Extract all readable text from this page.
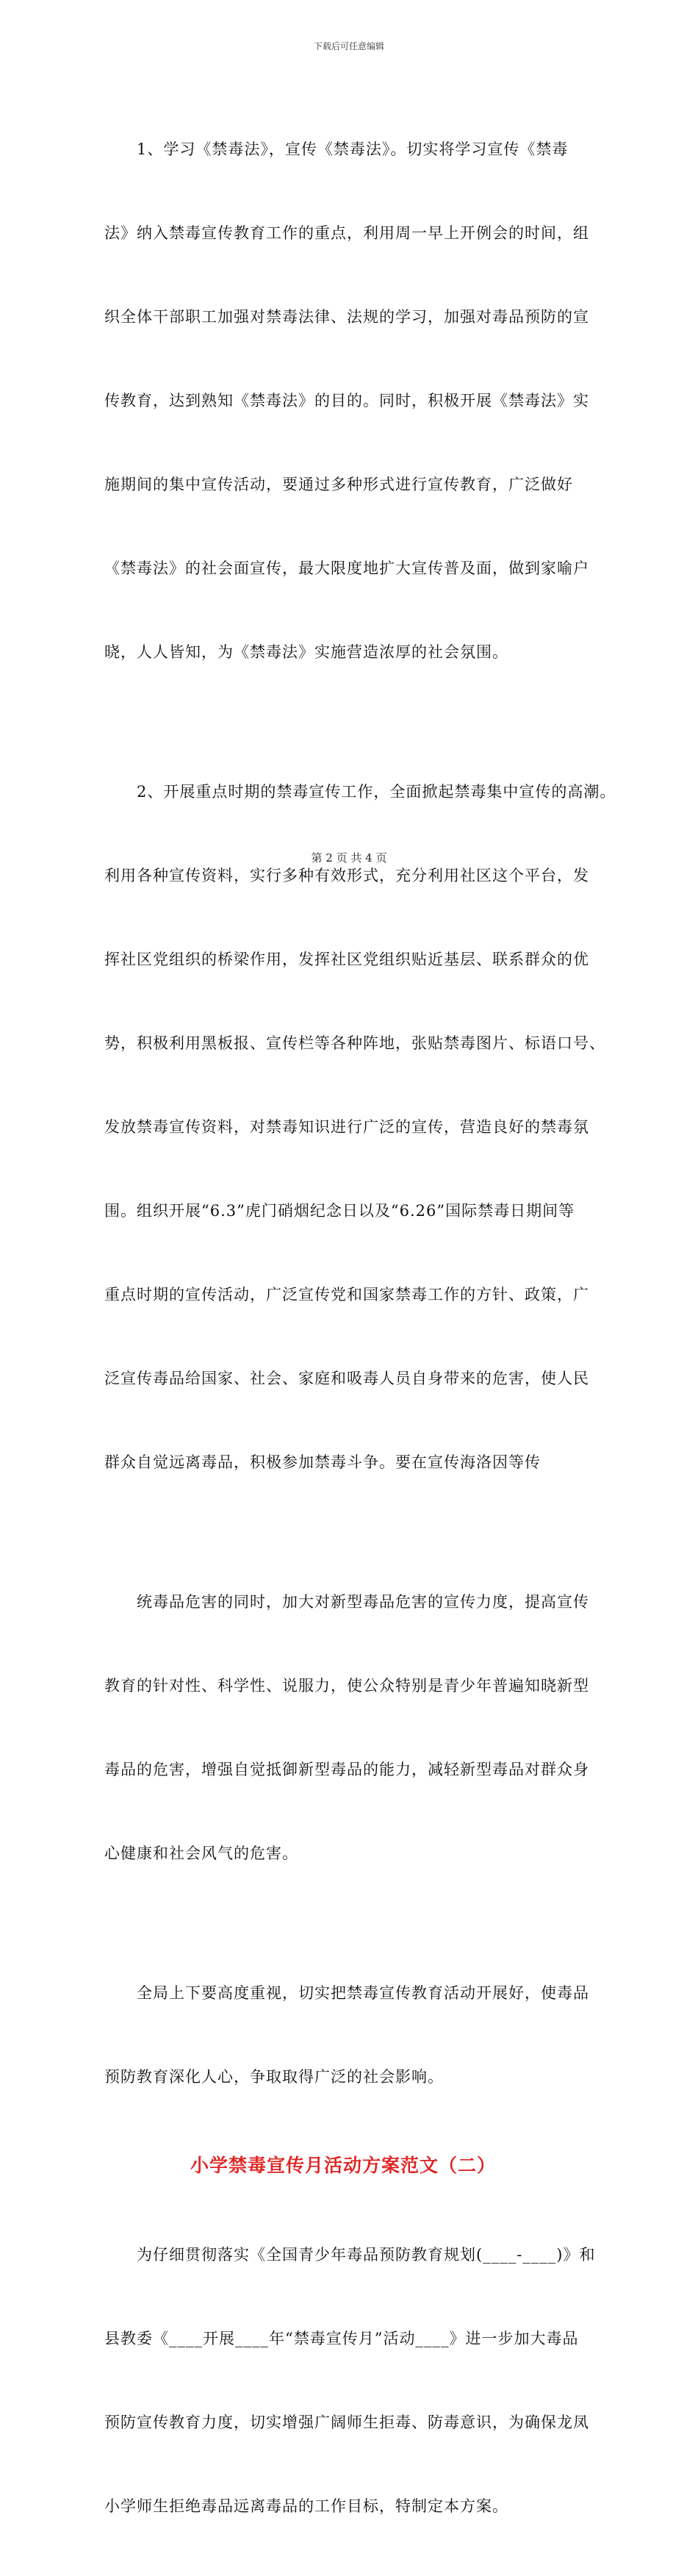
下载后可任意编辑

1、学习《禁毒法》，宣传《禁毒法》。切实将学习宣传《禁毒

法》纳入禁毒宣传教育工作的重点，利用周一早上开例会的时间，组

织全体干部职工加强对禁毒法律、法规的学习，加强对毒品预防的宣

传教育，达到熟知《禁毒法》的目的。同时，积极开展《禁毒法》实

施期间的集中宣传活动，要通过多种形式进行宣传教育，广泛做好

《禁毒法》的社会面宣传，最大限度地扩大宣传普及面，做到家喻户

晓，人人皆知，为《禁毒法》实施营造浓厚的社会氛围。

2、开展重点时期的禁毒宣传工作，全面掀起禁毒集中宣传的高潮。

利用各种宣传资料，实行多种有效形式，充分利用社区这个平台，发

挥社区党组织的桥梁作用，发挥社区党组织贴近基层、联系群众的优

势，积极利用黑板报、宣传栏等各种阵地，张贴禁毒图片、标语口号、

发放禁毒宣传资料，对禁毒知识进行广泛的宣传，营造良好的禁毒氛

围。组织开展“6.3”虎门硝烟纪念日以及“6.26”国际禁毒日期间等

重点时期的宣传活动，广泛宣传党和国家禁毒工作的方针、政策，广

泛宣传毒品给国家、社会、家庭和吸毒人员自身带来的危害，使人民

群众自觉远离毒品，积极参加禁毒斗争。要在宣传海洛因等传

统毒品危害的同时，加大对新型毒品危害的宣传力度，提高宣传

教育的针对性、科学性、说服力，使公众特别是青少年普遍知晓新型

毒品的危害，增强自觉抵御新型毒品的能力，减轻新型毒品对群众身

心健康和社会风气的危害。

全局上下要高度重视，切实把禁毒宣传教育活动开展好，使毒品

预防教育深化人心，争取取得广泛的社会影响。

小学禁毒宣传月活动方案范文（二）

为仔细贯彻落实《全国青少年毒品预防教育规划(____-____)》和

县教委《____开展____年“禁毒宣传月”活动____》进一步加大毒品

预防宣传教育力度，切实增强广阔师生拒毒、防毒意识，为确保龙凤

小学师生拒绝毒品远离毒品的工作目标，特制定本方案。

第 2 页 共 4 页
